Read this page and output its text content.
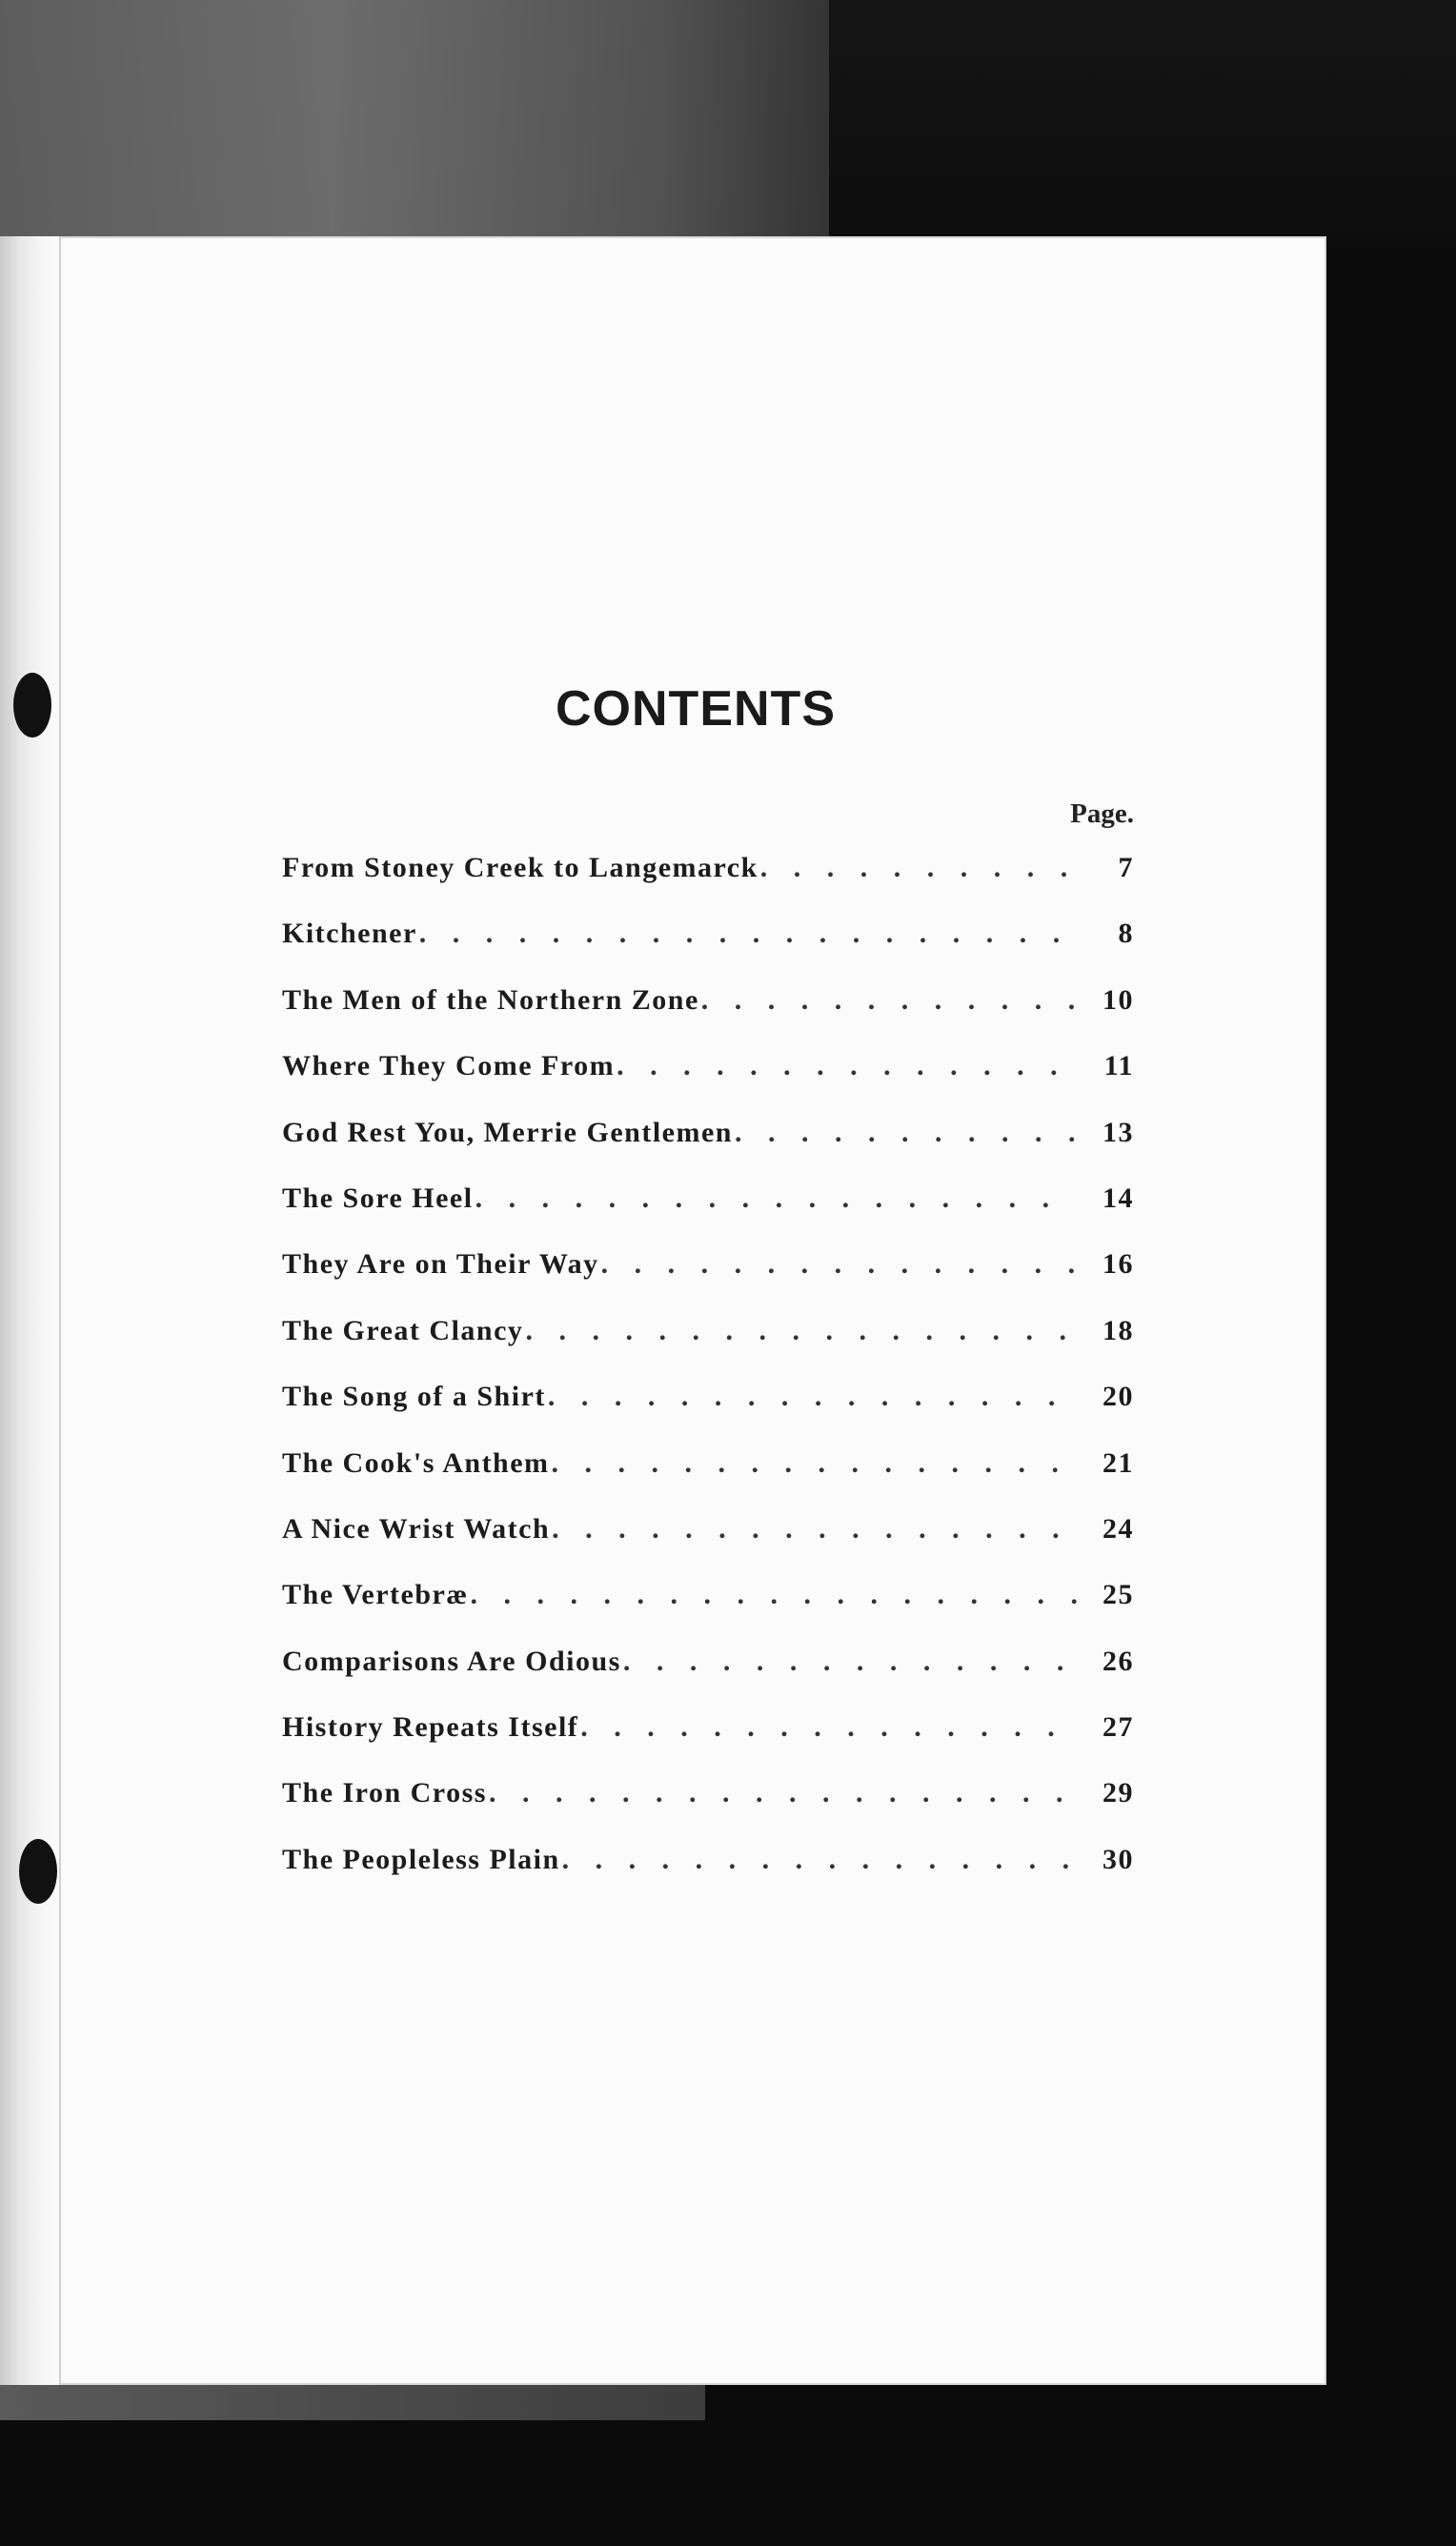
CONTENTS
Page.
From Stoney Creek to Langemarck . . .	7
Kitchener . . .	8
The Men of the Northern Zone . . .	10
Where They Come From . . .	11
God Rest You, Merrie Gentlemen . . .	13
The Sore Heel . . .	14
They Are on Their Way . . .	16
The Great Clancy . . .	18
The Song of a Shirt . . .	20
The Cook's Anthem . . .	21
A Nice Wrist Watch . . .	24
The Vertebræ . . .	25
Comparisons Are Odious . . .	26
History Repeats Itself . . .	27
The Iron Cross . . .	29
The Peopleless Plain . . .	30
